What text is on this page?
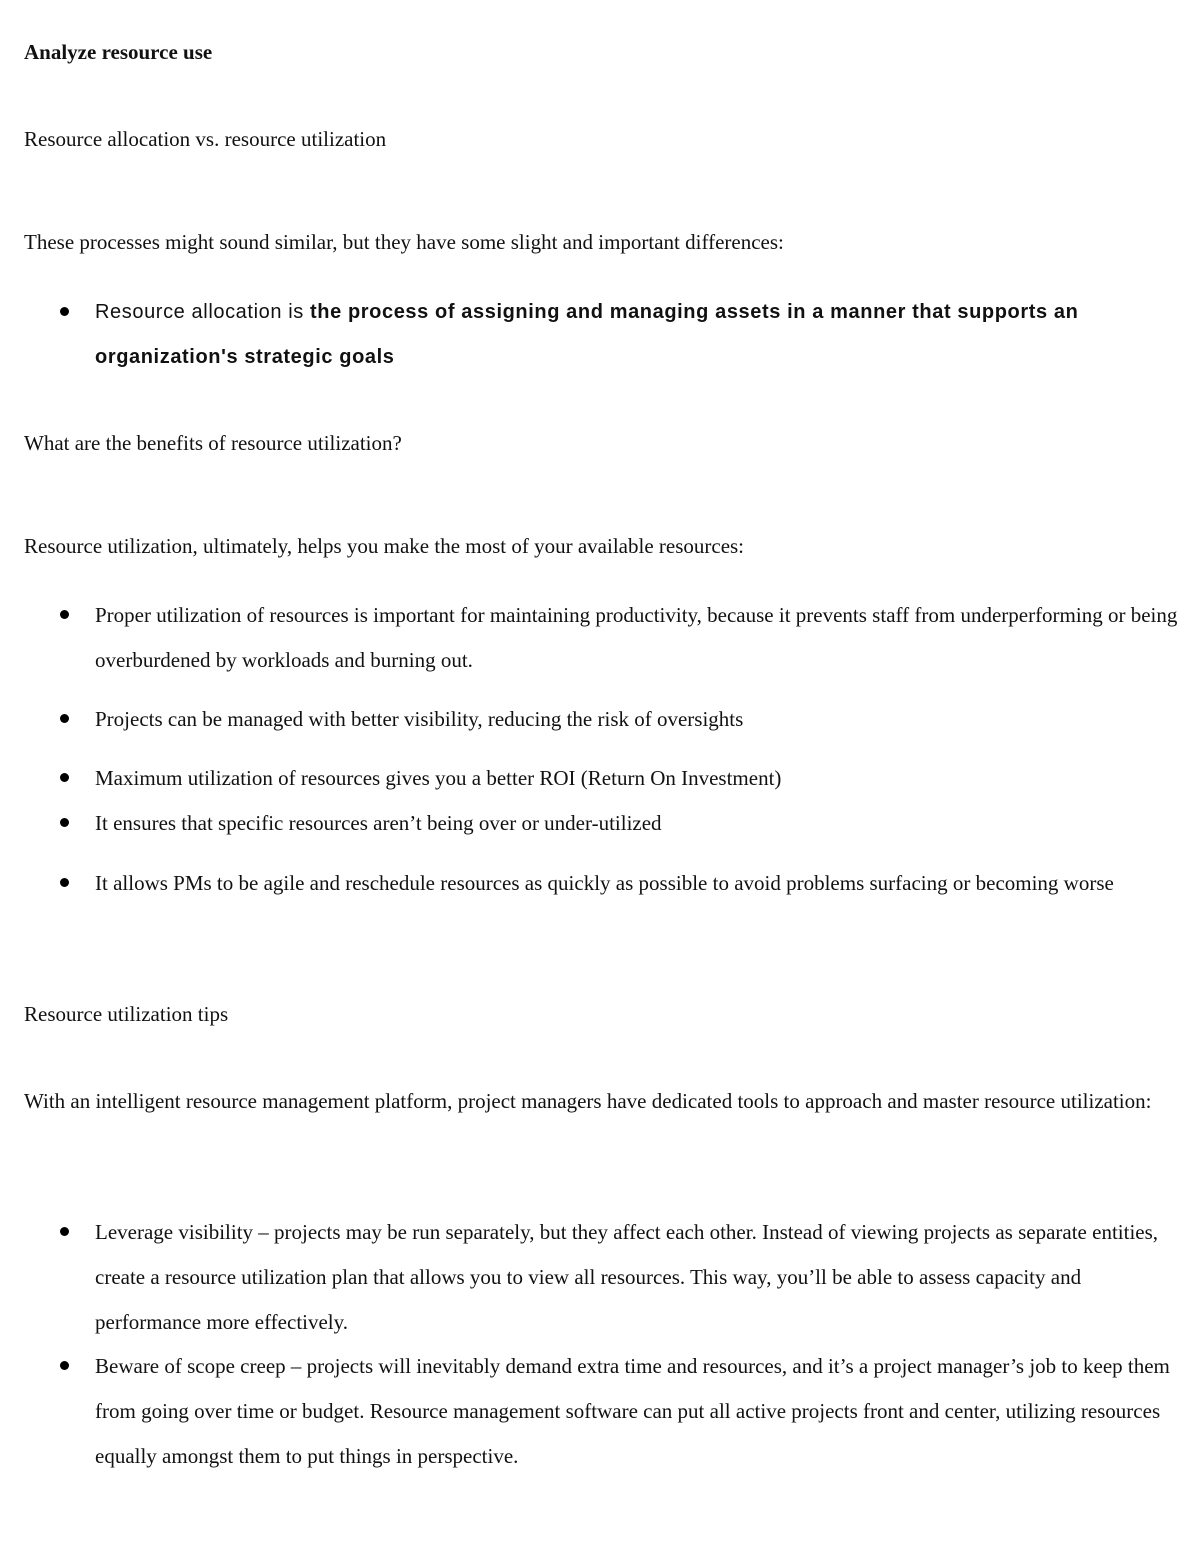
Analyze resource use

Resource allocation vs. resource utilization

These processes might sound similar, but they have some slight and important differences:

Resource allocation is the process of assigning and managing assets in a manner that supports an organization's strategic goals

What are the benefits of resource utilization?

Resource utilization, ultimately, helps you make the most of your available resources:

Proper utilization of resources is important for maintaining productivity, because it prevents staff from underperforming or being overburdened by workloads and burning out.
Projects can be managed with better visibility, reducing the risk of oversights
Maximum utilization of resources gives you a better ROI (Return On Investment)
It ensures that specific resources aren’t being over or under-utilized
It allows PMs to be agile and reschedule resources as quickly as possible to avoid problems surfacing or becoming worse

Resource utilization tips

With an intelligent resource management platform, project managers have dedicated tools to approach and master resource utilization:

Leverage visibility – projects may be run separately, but they affect each other. Instead of viewing projects as separate entities, create a resource utilization plan that allows you to view all resources. This way, you’ll be able to assess capacity and performance more effectively.
Beware of scope creep – projects will inevitably demand extra time and resources, and it’s a project manager’s job to keep them from going over time or budget. Resource management software can put all active projects front and center, utilizing resources equally amongst them to put things in perspective.
